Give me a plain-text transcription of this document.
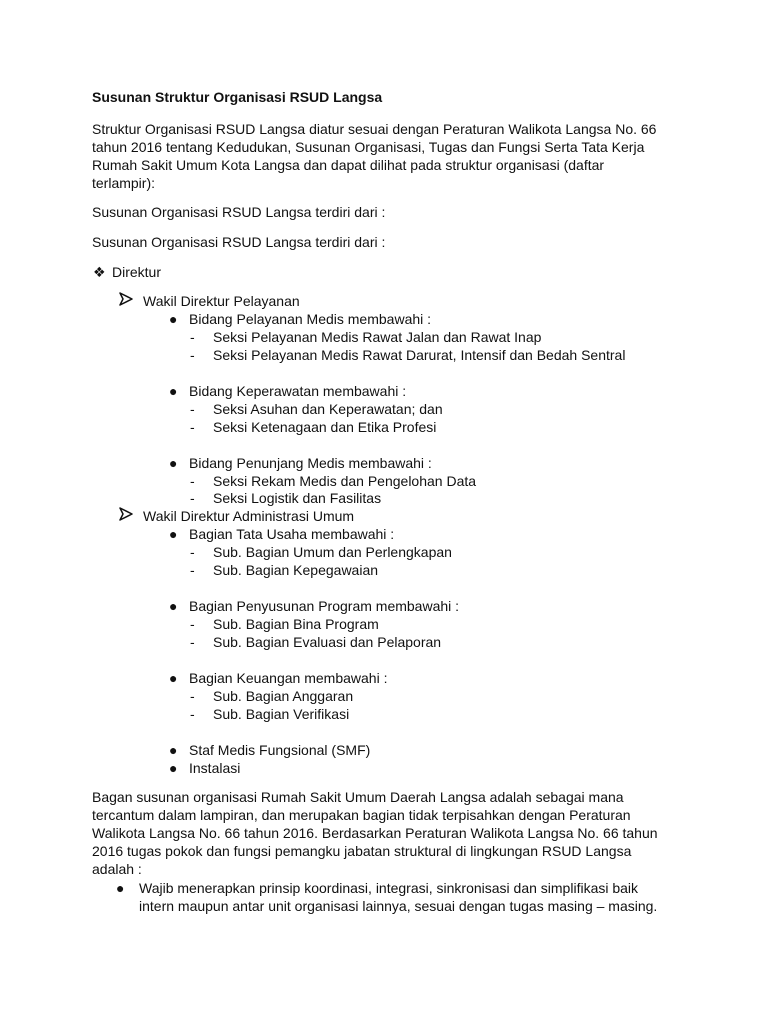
Susunan Struktur Organisasi RSUD Langsa
Struktur Organisasi RSUD Langsa diatur sesuai dengan Peraturan Walikota Langsa No. 66
tahun 2016 tentang Kedudukan, Susunan Organisasi, Tugas dan Fungsi Serta Tata Kerja
Rumah Sakit Umum Kota Langsa dan dapat dilihat pada struktur organisasi (daftar
terlampir):
Susunan Organisasi RSUD Langsa terdiri dari :
Susunan Organisasi RSUD Langsa terdiri dari :
❖ Direktur
Wakil Direktur Pelayanan
● Bidang Pelayanan Medis membawahi :
- Seksi Pelayanan Medis Rawat Jalan dan Rawat Inap
- Seksi Pelayanan Medis Rawat Darurat, Intensif dan Bedah Sentral
● Bidang Keperawatan membawahi :
- Seksi Asuhan dan Keperawatan; dan
- Seksi Ketenagaan dan Etika Profesi
● Bidang Penunjang Medis membawahi :
- Seksi Rekam Medis dan Pengelohan Data
- Seksi Logistik dan Fasilitas
Wakil Direktur Administrasi Umum
● Bagian Tata Usaha membawahi :
- Sub. Bagian Umum dan Perlengkapan
- Sub. Bagian Kepegawaian
● Bagian Penyusunan Program membawahi :
- Sub. Bagian Bina Program
- Sub. Bagian Evaluasi dan Pelaporan
● Bagian Keuangan membawahi :
- Sub. Bagian Anggaran
- Sub. Bagian Verifikasi
● Staf Medis Fungsional (SMF)
● Instalasi
Bagan susunan organisasi Rumah Sakit Umum Daerah Langsa adalah sebagai mana
tercantum dalam lampiran, dan merupakan bagian tidak terpisahkan dengan Peraturan
Walikota Langsa No. 66 tahun 2016. Berdasarkan Peraturan Walikota Langsa No. 66 tahun
2016 tugas pokok dan fungsi pemangku jabatan struktural di lingkungan RSUD Langsa
adalah :
● Wajib menerapkan prinsip koordinasi, integrasi, sinkronisasi dan simplifikasi baik
intern maupun antar unit organisasi lainnya, sesuai dengan tugas masing – masing.
